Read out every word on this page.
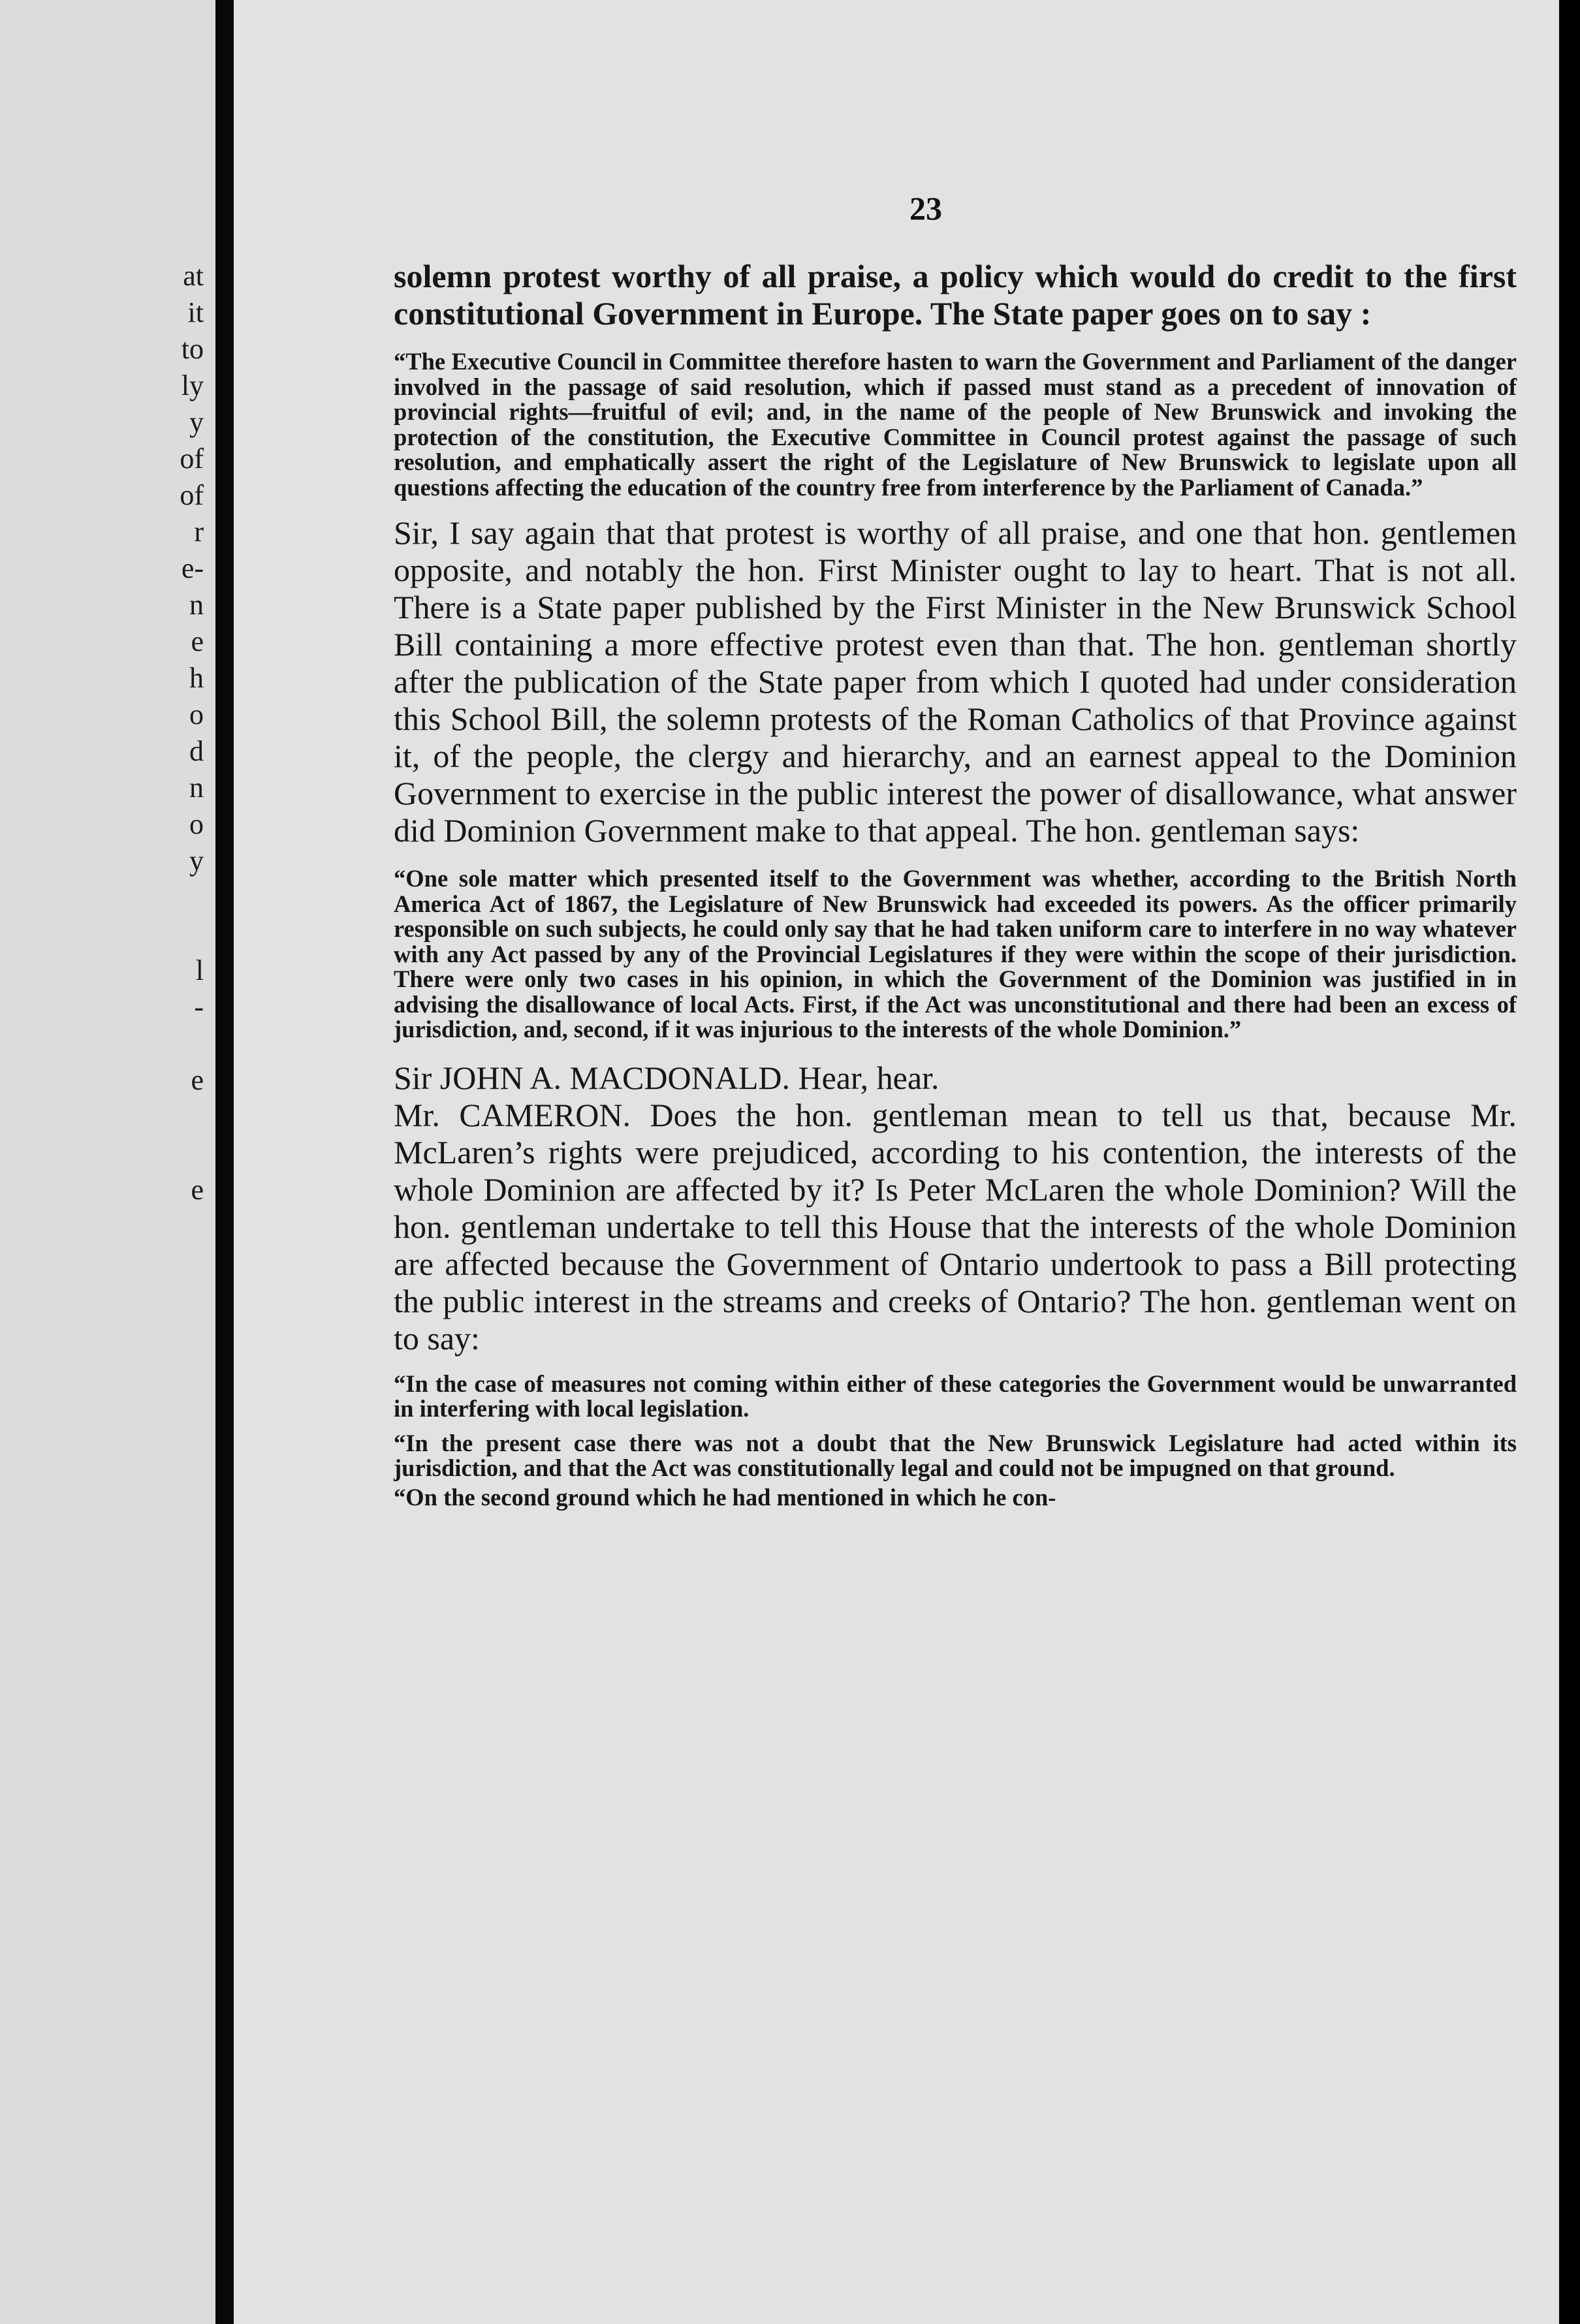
at
it
to
ly
y
of
of
r
e-
n
e
h
o
d
n
o
y
l
-
e
e
23

solemn protest worthy of all praise, a policy which would do credit to the first constitutional Government in Europe. The State paper goes on to say :

“The Executive Council in Committee therefore hasten to warn the Government and Parliament of the danger involved in the passage of said resolution, which if passed must stand as a precedent of innovation of provincial rights—fruitful of evil; and, in the name of the people of New Brunswick and invoking the protection of the constitution, the Executive Committee in Council protest against the passage of such resolution, and emphatically assert the right of the Legislature of New Brunswick to legislate upon all questions affecting the education of the country free from interference by the Parliament of Canada.”

Sir, I say again that that protest is worthy of all praise, and one that hon. gentlemen opposite, and notably the hon. First Minister ought to lay to heart. That is not all. There is a State paper published by the First Minister in the New Brunswick School Bill containing a more effective protest even than that. The hon. gentleman shortly after the publication of the State paper from which I quoted had under consideration this School Bill, the solemn protests of the Roman Catholics of that Province against it, of the people, the clergy and hierarchy, and an earnest appeal to the Dominion Government to exercise in the public interest the power of disallowance, what answer did Dominion Government make to that appeal. The hon. gentleman says:

“One sole matter which presented itself to the Government was whether, according to the British North America Act of 1867, the Legislature of New Brunswick had exceeded its powers. As the officer primarily responsible on such subjects, he could only say that he had taken uniform care to interfere in no way whatever with any Act passed by any of the Provincial Legislatures if they were within the scope of their jurisdiction. There were only two cases in his opinion, in which the Government of the Dominion was justified in in advising the disallowance of local Acts. First, if the Act was unconstitutional and there had been an excess of jurisdiction, and, second, if it was injurious to the interests of the whole Dominion.”

Sir JOHN A. MACDONALD. Hear, hear.

Mr. CAMERON. Does the hon. gentleman mean to tell us that, because Mr. McLaren’s rights were prejudiced, according to his contention, the interests of the whole Dominion are affected by it? Is Peter McLaren the whole Dominion? Will the hon. gentleman undertake to tell this House that the interests of the whole Dominion are affected because the Government of Ontario undertook to pass a Bill protecting the public interest in the streams and creeks of Ontario? The hon. gentleman went on to say:

“In the case of measures not coming within either of these categories the Government would be unwarranted in interfering with local legislation.

“In the present case there was not a doubt that the New Brunswick Legislature had acted within its jurisdiction, and that the Act was constitutionally legal and could not be impugned on that ground.

“On the second ground which he had mentioned in which he con-
